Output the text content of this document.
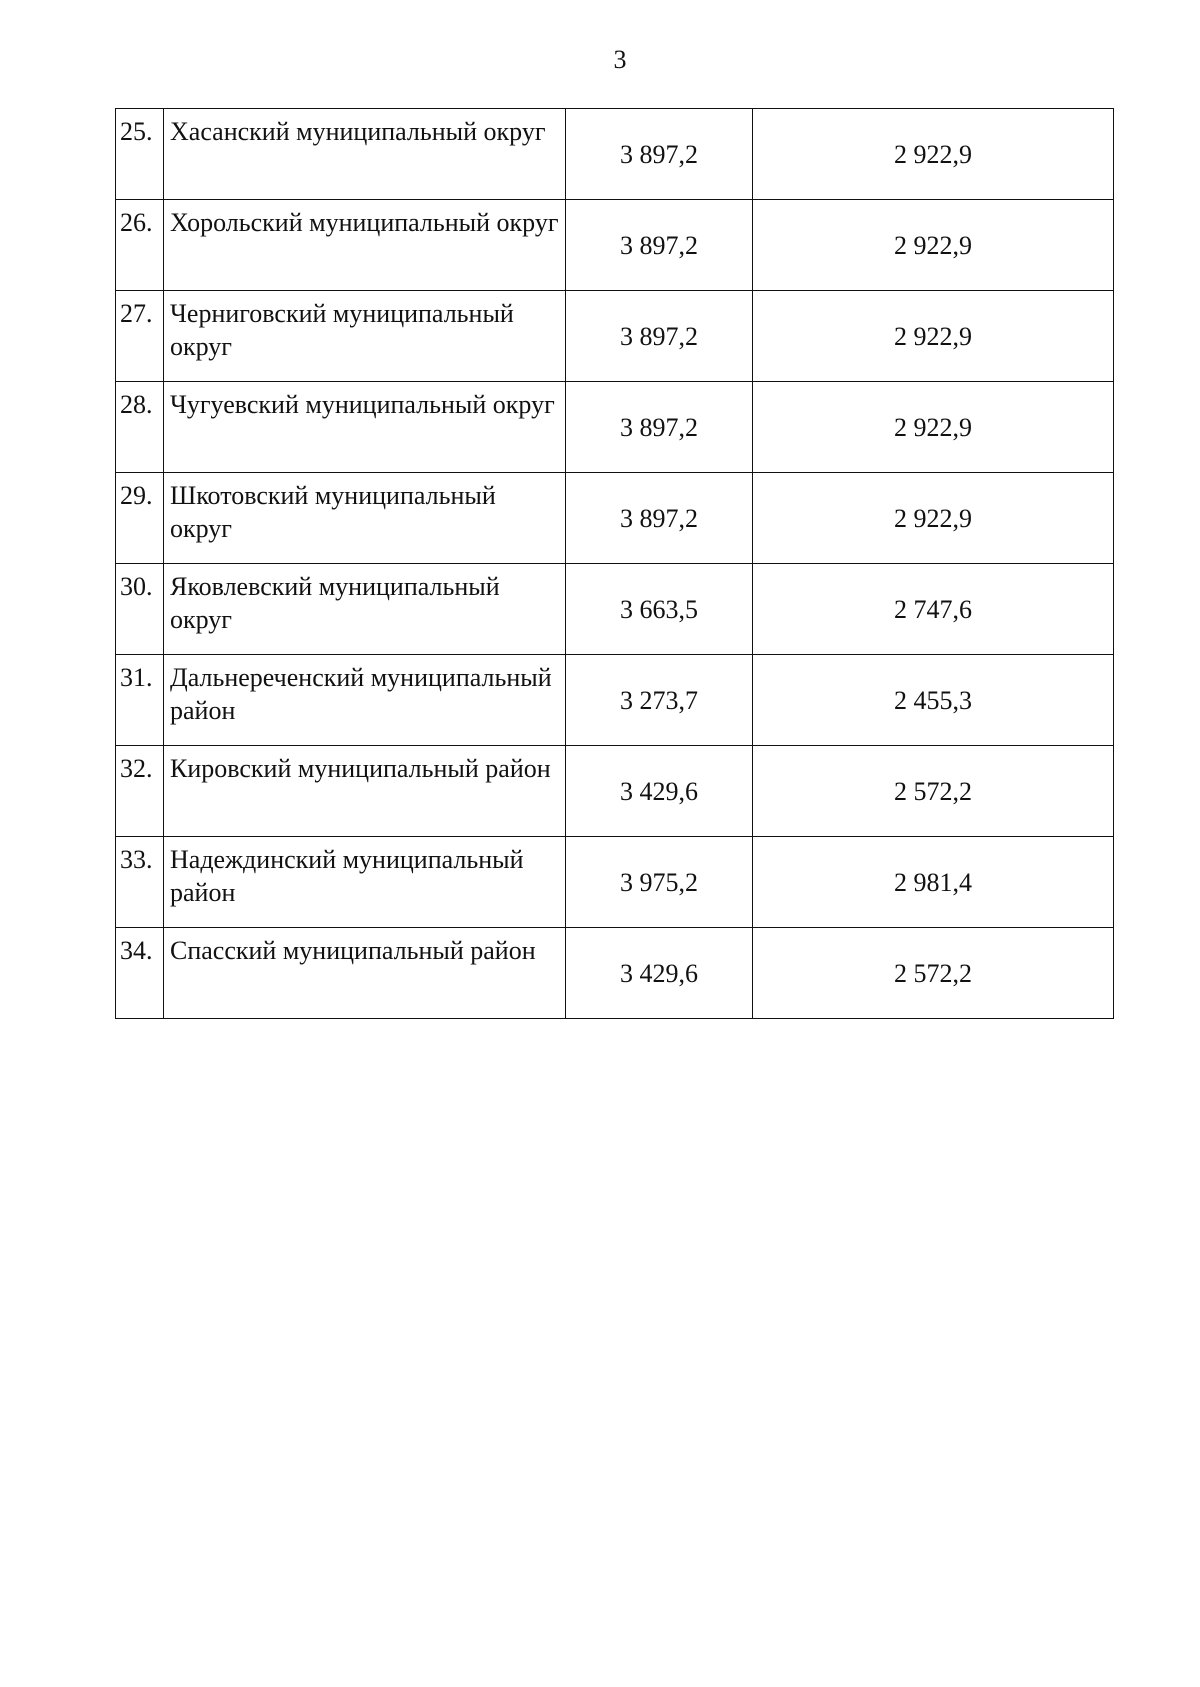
3
25.	Хасанский муниципальный округ	3 897,2	2 922,9
26.	Хорольский муниципальный округ	3 897,2	2 922,9
27.	Черниговский муниципальный округ	3 897,2	2 922,9
28.	Чугуевский муниципальный округ	3 897,2	2 922,9
29.	Шкотовский муниципальный округ	3 897,2	2 922,9
30.	Яковлевский муниципальный округ	3 663,5	2 747,6
31.	Дальнереченский муниципальный район	3 273,7	2 455,3
32.	Кировский муниципальный район	3 429,6	2 572,2
33.	Надеждинский муниципальный район	3 975,2	2 981,4
34.	Спасский муниципальный район	3 429,6	2 572,2
